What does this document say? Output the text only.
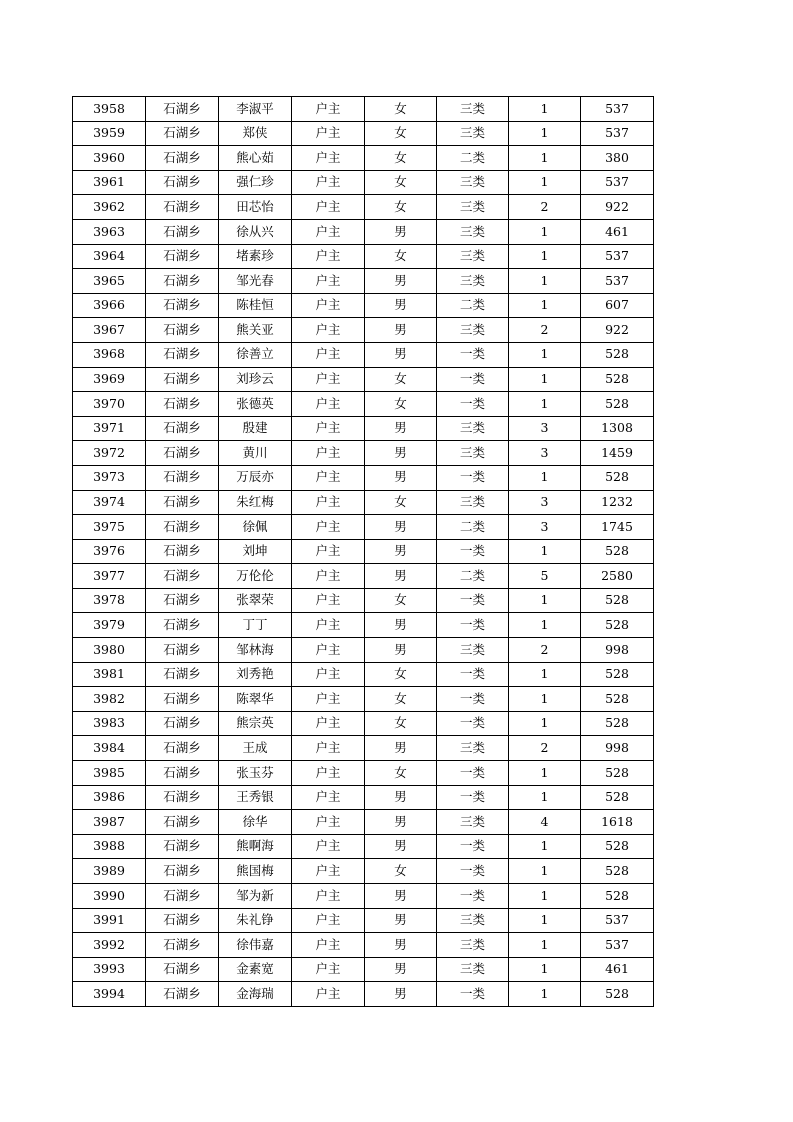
3958	石湖乡	李淑平	户主	女	三类	1	537
3959	石湖乡	郑侠	户主	女	三类	1	537
3960	石湖乡	熊心茹	户主	女	二类	1	380
3961	石湖乡	强仁珍	户主	女	三类	1	537
3962	石湖乡	田芯怡	户主	女	三类	2	922
3963	石湖乡	徐从兴	户主	男	三类	1	461
3964	石湖乡	堵素珍	户主	女	三类	1	537
3965	石湖乡	邹光春	户主	男	三类	1	537
3966	石湖乡	陈桂恒	户主	男	二类	1	607
3967	石湖乡	熊关亚	户主	男	三类	2	922
3968	石湖乡	徐善立	户主	男	一类	1	528
3969	石湖乡	刘珍云	户主	女	一类	1	528
3970	石湖乡	张德英	户主	女	一类	1	528
3971	石湖乡	殷建	户主	男	三类	3	1308
3972	石湖乡	黄川	户主	男	三类	3	1459
3973	石湖乡	万辰亦	户主	男	一类	1	528
3974	石湖乡	朱红梅	户主	女	三类	3	1232
3975	石湖乡	徐佩	户主	男	二类	3	1745
3976	石湖乡	刘坤	户主	男	一类	1	528
3977	石湖乡	万伦伦	户主	男	二类	5	2580
3978	石湖乡	张翠荣	户主	女	一类	1	528
3979	石湖乡	丁丁	户主	男	一类	1	528
3980	石湖乡	邹林海	户主	男	三类	2	998
3981	石湖乡	刘秀艳	户主	女	一类	1	528
3982	石湖乡	陈翠华	户主	女	一类	1	528
3983	石湖乡	熊宗英	户主	女	一类	1	528
3984	石湖乡	王成	户主	男	三类	2	998
3985	石湖乡	张玉芬	户主	女	一类	1	528
3986	石湖乡	王秀银	户主	男	一类	1	528
3987	石湖乡	徐华	户主	男	三类	4	1618
3988	石湖乡	熊啊海	户主	男	一类	1	528
3989	石湖乡	熊国梅	户主	女	一类	1	528
3990	石湖乡	邹为新	户主	男	一类	1	528
3991	石湖乡	朱礼铮	户主	男	三类	1	537
3992	石湖乡	徐伟嘉	户主	男	三类	1	537
3993	石湖乡	金素宽	户主	男	三类	1	461
3994	石湖乡	金海瑞	户主	男	一类	1	528
